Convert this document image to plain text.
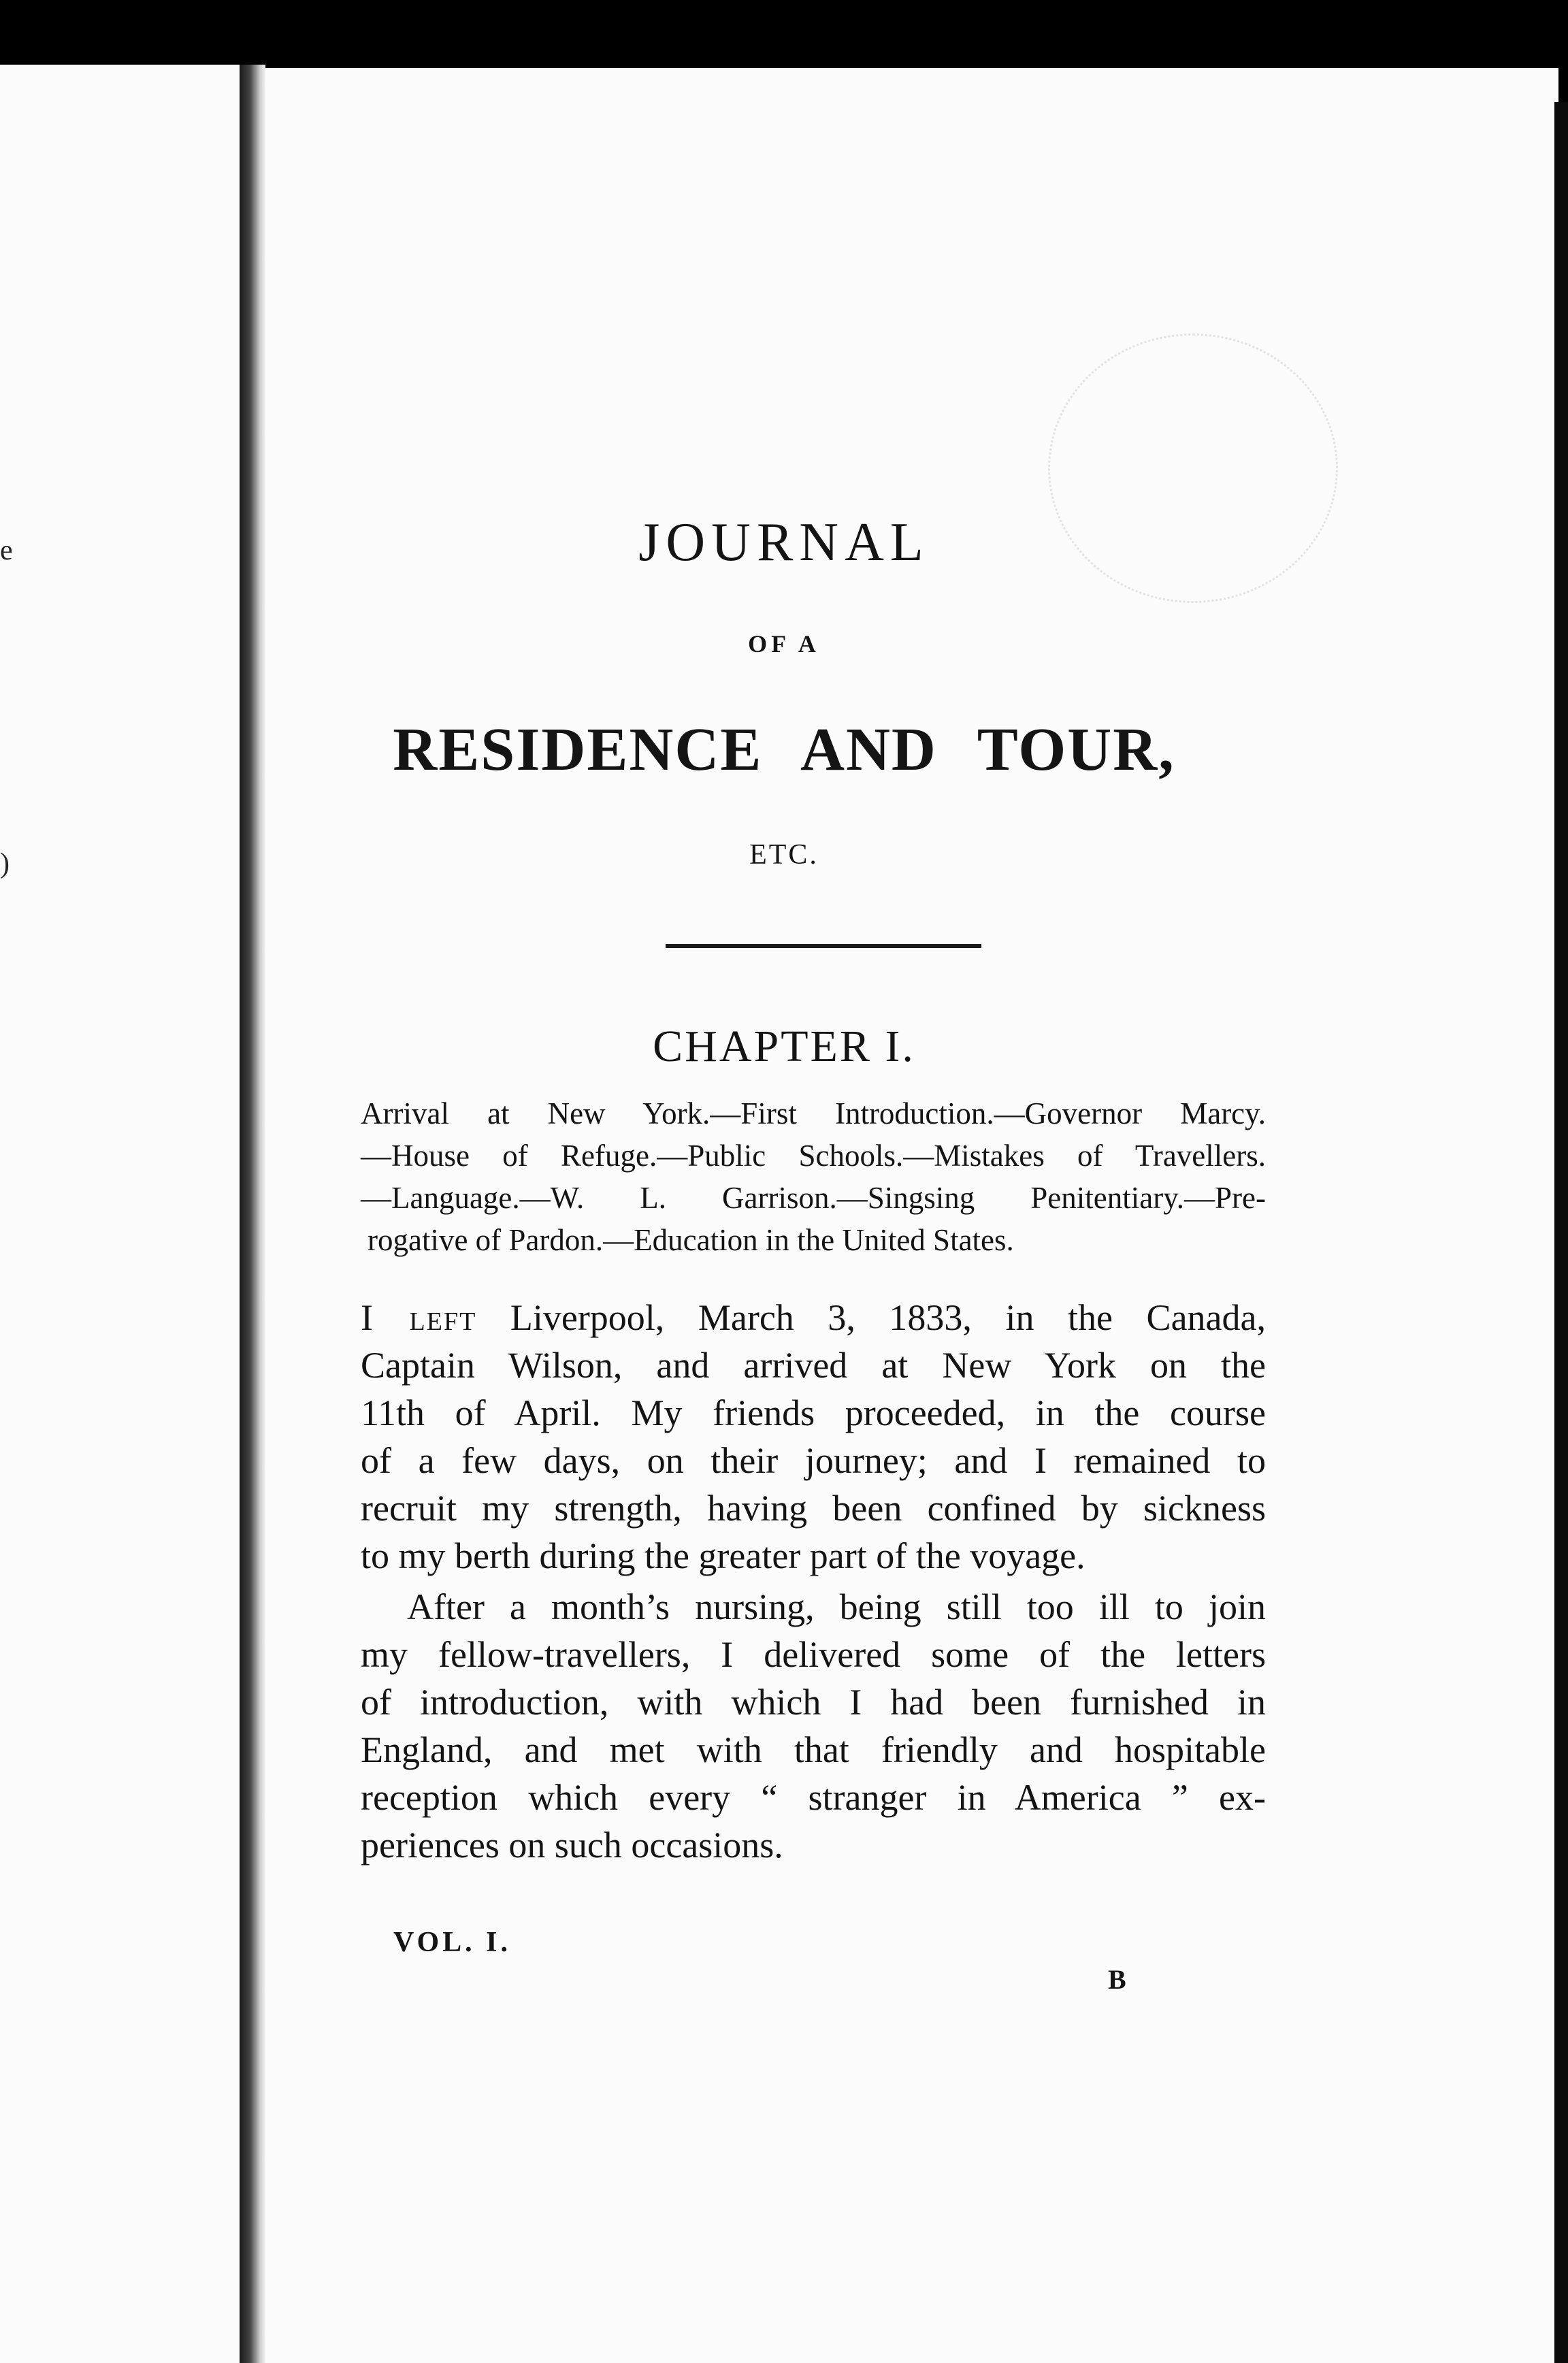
e
)
JOURNAL
OF A
RESIDENCE AND TOUR,
ETC.
CHAPTER I.
Arrival at New York.—First Introduction.—Governor Marcy.
—House of Refuge.—Public Schools.—Mistakes of Travellers.
—Language.—W. L. Garrison.—Singsing Penitentiary.—Pre-
rogative of Pardon.—Education in the United States.
I left Liverpool, March 3, 1833, in the Canada,
Captain Wilson, and arrived at New York on the
11th of April. My friends proceeded, in the course
of a few days, on their journey; and I remained to
recruit my strength, having been confined by sickness
to my berth during the greater part of the voyage.
After a month’s nursing, being still too ill to join
my fellow-travellers, I delivered some of the letters
of introduction, with which I had been furnished in
England, and met with that friendly and hospitable
reception which every “ stranger in America ” ex-
periences on such occasions.
VOL. I.
B
